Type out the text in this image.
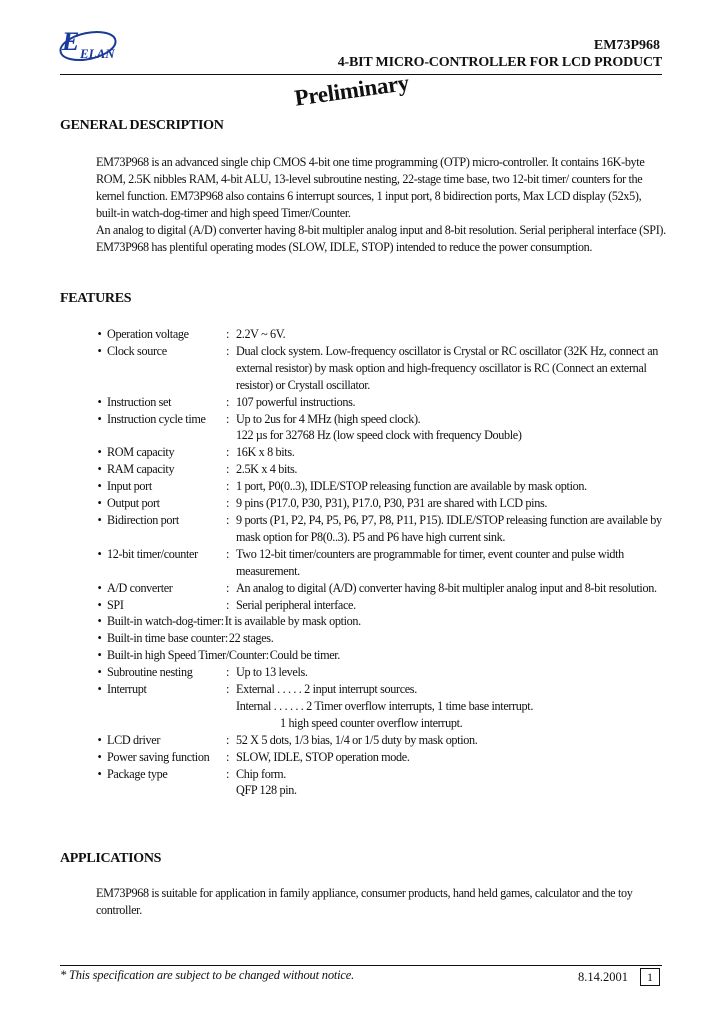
E ELAN
EM73P968
4-BIT MICRO-CONTROLLER FOR LCD PRODUCT
Preliminary
GENERAL DESCRIPTION

EM73P968 is an advanced single chip CMOS 4-bit one time programming (OTP) micro-controller. It contains 16K-byte ROM, 2.5K nibbles RAM, 4-bit ALU, 13-level subroutine nesting, 22-stage time base, two 12-bit timer/ counters for the kernel function. EM73P968 also contains 6 interrupt sources, 1 input port, 8 bidirection ports, Max LCD display (52x5), built-in watch-dog-timer and high speed Timer/Counter.

An analog to digital (A/D) converter having 8-bit multipler analog input and 8-bit resolution. Serial peripheral interface (SPI).

EM73P968 has plentiful operating modes (SLOW, IDLE, STOP) intended to reduce the power consumption.

FEATURES
• Operation voltage	: 2.2V ~ 6V.
• Clock source	: Dual clock system. Low-frequency oscillator is Crystal or RC oscillator (32K Hz, connect an external resistor) by mask option and high-frequency oscillator is RC (Connect an external resistor) or Crystall oscillator.
• Instruction set	: 107 powerful instructions.
• Instruction cycle time	: Up to 2us for 4 MHz (high speed clock).
122 µs for 32768 Hz (low speed clock with frequency Double)
• ROM capacity	: 16K x 8 bits.
• RAM capacity	: 2.5K x 4 bits.
• Input port	: 1 port, P0(0..3), IDLE/STOP releasing function are available by mask option.
• Output port	: 9 pins (P17.0, P30, P31), P17.0, P30, P31 are shared with LCD pins.
• Bidirection port	: 9 ports (P1, P2, P4, P5, P6, P7, P8, P11, P15). IDLE/STOP releasing function are available by mask option for P8(0..3). P5 and P6 have high current sink.
• 12-bit timer/counter	: Two 12-bit timer/counters are programmable for timer, event counter and pulse width measurement.
• A/D converter	: An analog to digital (A/D) converter having 8-bit multipler analog input and 8-bit resolution.
• SPI	: Serial peripheral interface.
• Built-in watch-dog-timer : It is available by mask option.
• Built-in time base counter : 22 stages.
• Built-in high Speed Timer/Counter : Could be timer.
• Subroutine nesting	: Up to 13 levels.
• Interrupt	: External . . . . . 2 input interrupt sources.
Internal . . . . . . 2 Timer overflow interrupts, 1 time base interrupt.
1 high speed counter overflow interrupt.
• LCD driver	: 52 X 5 dots, 1/3 bias, 1/4 or 1/5 duty by mask option.
• Power saving function	: SLOW, IDLE, STOP operation mode.
• Package type	: Chip form.
QFP 128 pin.
APPLICATIONS

EM73P968 is suitable for application in family appliance, consumer products, hand held games, calculator and the toy controller.

* This specification are subject to be changed without notice.	8.14.2001	1
